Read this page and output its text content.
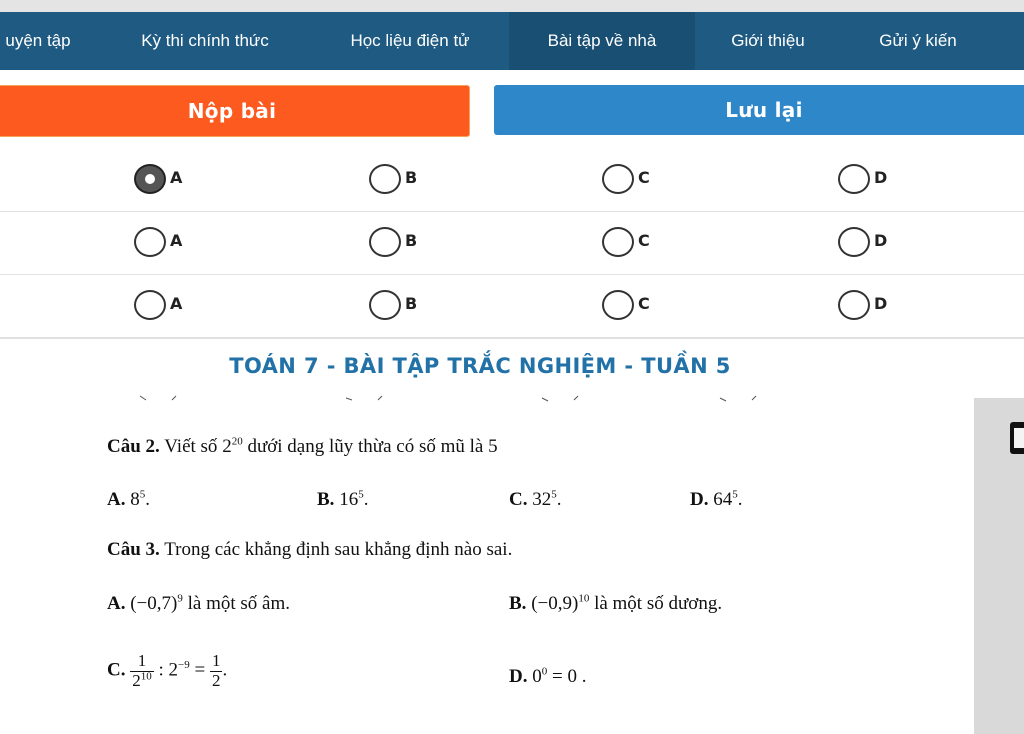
uyện tập	Kỳ thi chính thức	Học liệu điện tử	Bài tập về nhà	Giới thiệu	Gửi ý kiến
Nộp bài	Lưu lại
A	B	C	D
A	B	C	D
A	B	C	D
TOÁN 7 - BÀI TẬP TRẮC NGHIỆM - TUẦN 5
Câu 2. Viết số $2^{20}$ dưới dạng lũy thừa có số mũ là 5
A. $8^5$.	B. $16^5$.	C. $32^5$.	D. $64^5$.
Câu 3. Trong các khẳng định sau khẳng định nào sai.
A. $(-0,7)^9$ là một số âm.	B. $(-0,9)^{10}$ là một số dương.
C. $\frac{1}{2^{10}}$ : $2^{-9} = \frac{1}{2}$ .	D. $0^0 = 0$ .
